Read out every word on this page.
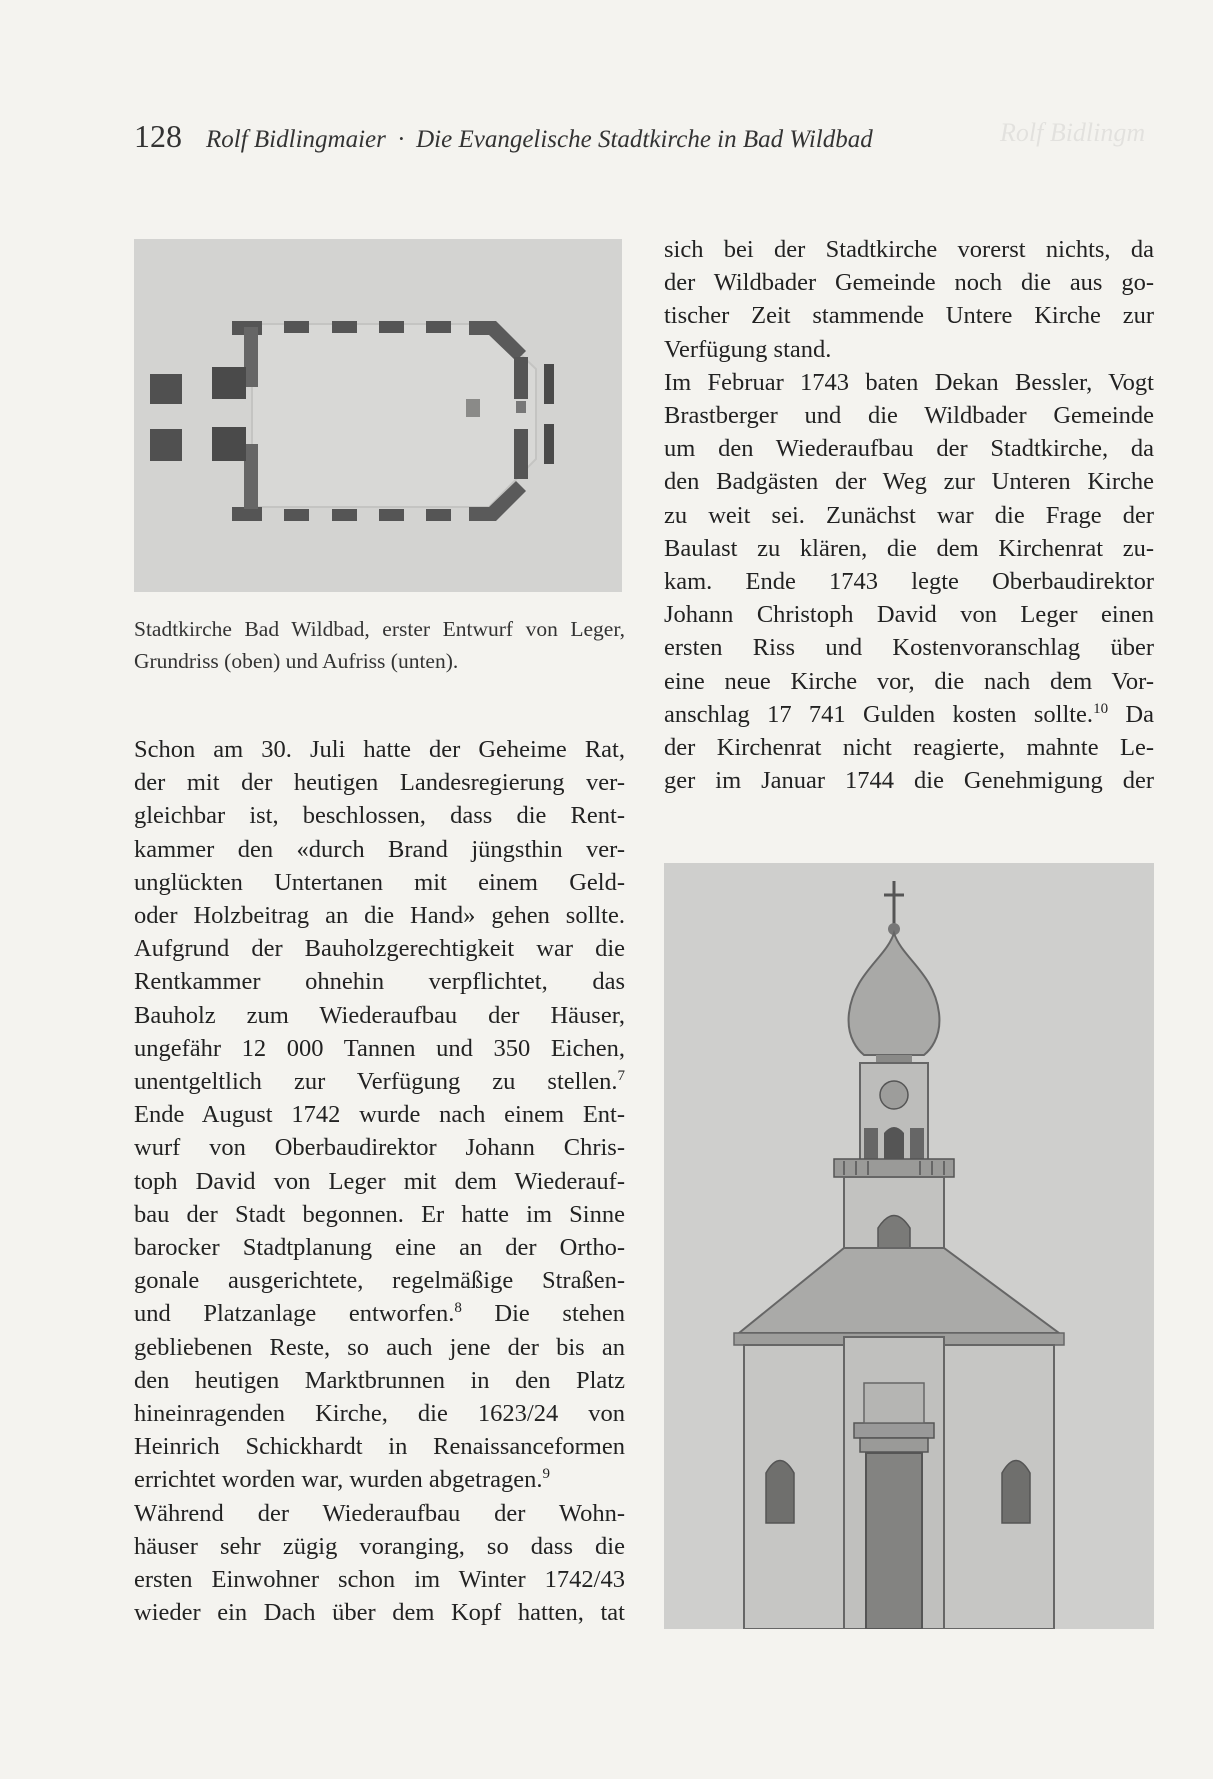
Rolf Bidlingm
128 Rolf Bidlingmaier · Die Evangelische Stadtkirche in Bad Wildbad
Stadtkirche Bad Wildbad, erster Entwurf von Leger, Grundriss (oben) und Aufriss (unten).

Schon am 30. Juli hatte der Geheime Rat,

der mit der heutigen Landesregierung ver-

gleichbar ist, beschlossen, dass die Rent-

kammer den «durch Brand jüngsthin ver-

unglückten Untertanen mit einem Geld-

oder Holzbeitrag an die Hand» gehen sollte.

Aufgrund der Bauholzgerechtigkeit war die

Rentkammer ohnehin verpflichtet, das

Bauholz zum Wiederaufbau der Häuser,

ungefähr 12 000 Tannen und 350 Eichen,

unentgeltlich zur Verfügung zu stellen.$^7$

Ende August 1742 wurde nach einem Ent-

wurf von Oberbaudirektor Johann Chris-

toph David von Leger mit dem Wiederauf-

bau der Stadt begonnen. Er hatte im Sinne

barocker Stadtplanung eine an der Ortho-

gonale ausgerichtete, regelmäßige Straßen-

und Platzanlage entworfen.$^8$ Die stehen

gebliebenen Reste, so auch jene der bis an

den heutigen Marktbrunnen in den Platz

hineinragenden Kirche, die 1623/24 von

Heinrich Schickhardt in Renaissanceformen

errichtet worden war, wurden abgetragen.$^9$

Während der Wiederaufbau der Wohn-

häuser sehr zügig voranging, so dass die

ersten Einwohner schon im Winter 1742/43

wieder ein Dach über dem Kopf hatten, tat

sich bei der Stadtkirche vorerst nichts, da

der Wildbader Gemeinde noch die aus go-

tischer Zeit stammende Untere Kirche zur

Verfügung stand.

Im Februar 1743 baten Dekan Bessler, Vogt

Brastberger und die Wildbader Gemeinde

um den Wiederaufbau der Stadtkirche, da

den Badgästen der Weg zur Unteren Kirche

zu weit sei. Zunächst war die Frage der

Baulast zu klären, die dem Kirchenrat zu-

kam. Ende 1743 legte Oberbaudirektor

Johann Christoph David von Leger einen

ersten Riss und Kostenvoranschlag über

eine neue Kirche vor, die nach dem Vor-

anschlag 17 741 Gulden kosten sollte.$^{10}$ Da

der Kirchenrat nicht reagierte, mahnte Le-

ger im Januar 1744 die Genehmigung der
